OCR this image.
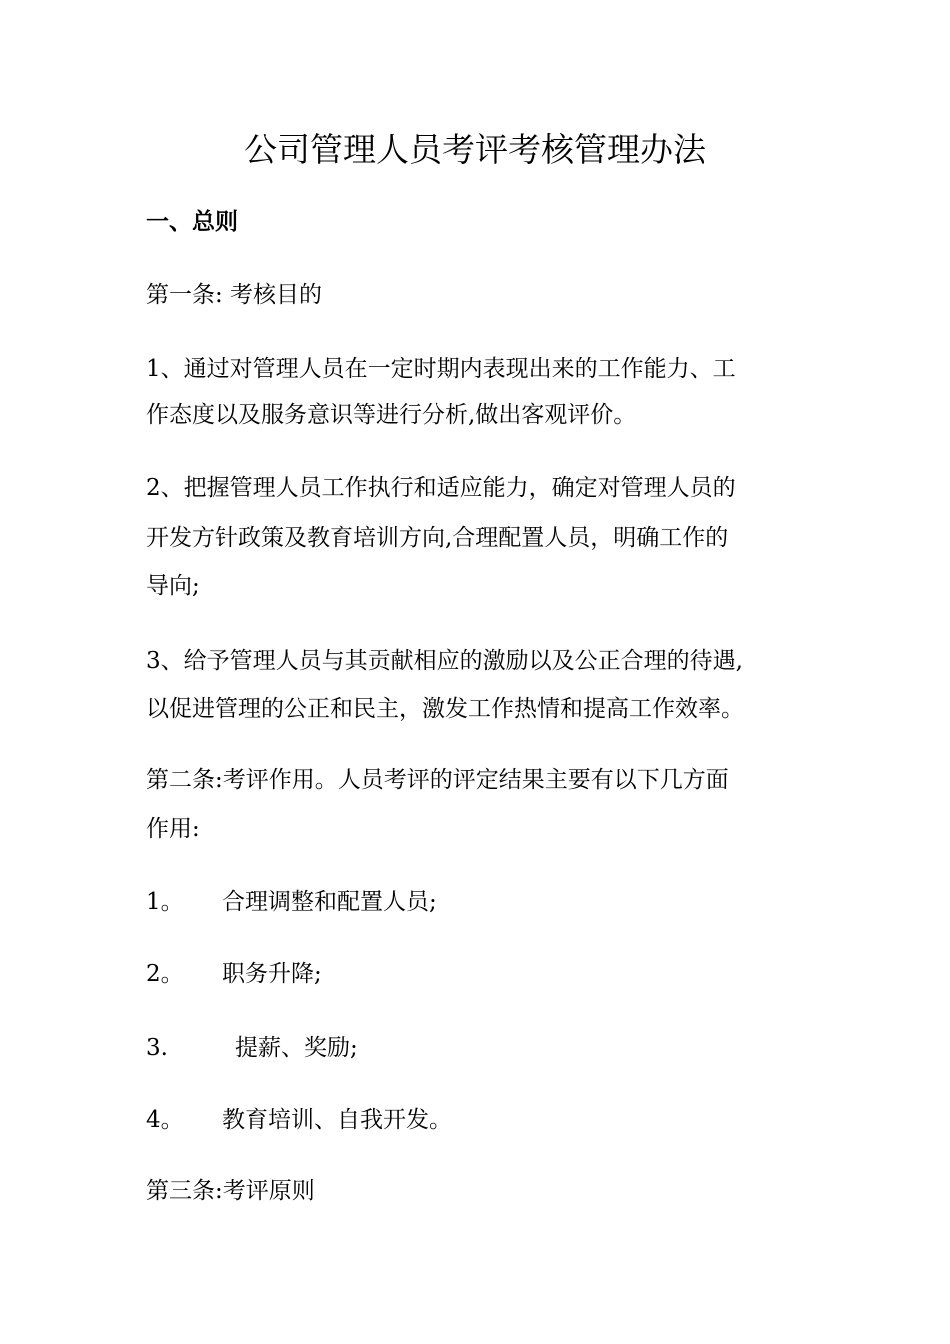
公司管理人员考评考核管理办法
一、总则
第一条: 考核目的
1、通过对管理人员在一定时期内表现出来的工作能力、工
作态度以及服务意识等进行分析,做出客观评价。
2、把握管理人员工作执行和适应能力，确定对管理人员的
开发方针政策及教育培训方向,合理配置人员，明确工作的
导向;
3、给予管理人员与其贡献相应的激励以及公正合理的待遇,
以促进管理的公正和民主，激发工作热情和提高工作效率。
第二条:考评作用。人员考评的评定结果主要有以下几方面
作用:
1。 合理调整和配置人员;
2。 职务升降;
3.	提薪、奖励;
4。 教育培训、自我开发。
第三条:考评原则
